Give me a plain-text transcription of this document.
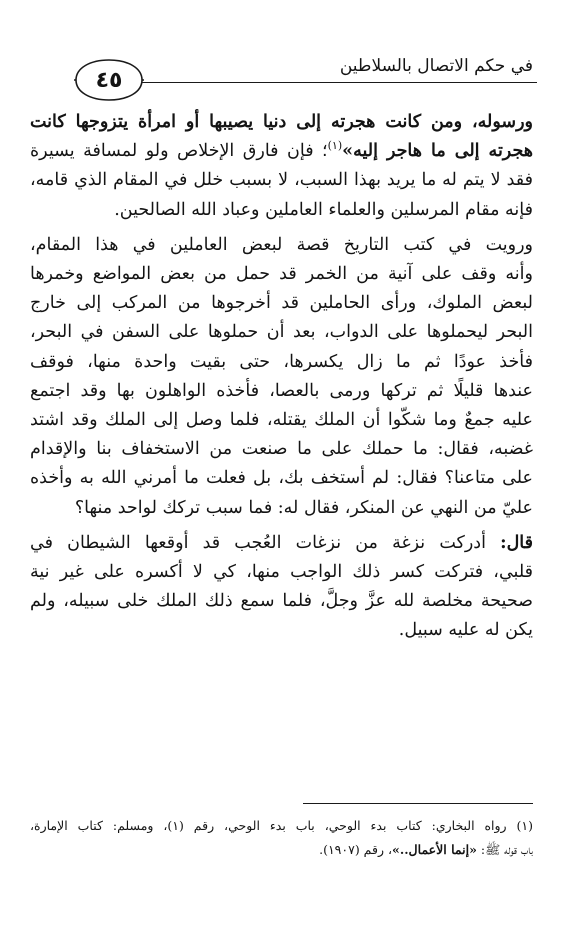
في حكم الاتصال بالسلاطين
٤٥
ورسوله، ومن كانت هجرته إلى دنيا يصيبها أو امرأة يتزوجها كانت
هجرته إلى ما هاجر إليه»$^{(١)}$؛ فإن فارق الإخلاص ولو لمسافة يسيرة
فقد لا يتم له ما يريد بهذا السبب، لا بسبب خلل في المقام الذي قامه،
فإنه مقام المرسلين والعلماء العاملين وعباد الله الصالحين.
ورويت في كتب التاريخ قصة لبعض العاملين في هذا المقام،
وأنه وقف على آنية من الخمر قد حمل من بعض المواضع وخمرها
لبعض الملوك، ورأى الحاملين قد أخرجوها من المركب إلى خارج
البحر ليحملوها على الدواب، بعد أن حملوها على السفن في البحر،
فأخذ عودًا ثم ما زال يكسرها، حتى بقيت واحدة منها، فوقف
عندها قليلًا ثم تركها ورمى بالعصا، فأخذه الواهلون بها وقد اجتمع
عليه جمعٌ وما شكّوا أن الملك يقتله، فلما وصل إلى الملك وقد اشتد
غضبه، فقال: ما حملك على ما صنعت من الاستخفاف بنا والإقدام
على متاعنا؟ فقال: لم أستخف بك، بل فعلت ما أمرني الله به وأخذه
عليّ من النهي عن المنكر، فقال له: فما سبب تركك لواحد منها؟
قال: أدركت نزغة من نزغات العُجب قد أوقعها الشيطان في
قلبي، فتركت كسر ذلك الواجب منها، كي لا أكسره على غير نية
صحيحة مخلصة لله عزَّ وجلَّ، فلما سمع ذلك الملك خلى سبيله، ولم
يكن له عليه سبيل.
(١) رواه البخاري: كتاب بدء الوحي، باب بدء الوحي، رقم (١)، ومسلم: كتاب الإمارة،
باب قوله ﷺ: «إنما الأعمال..»، رقم (١٩٠٧).
